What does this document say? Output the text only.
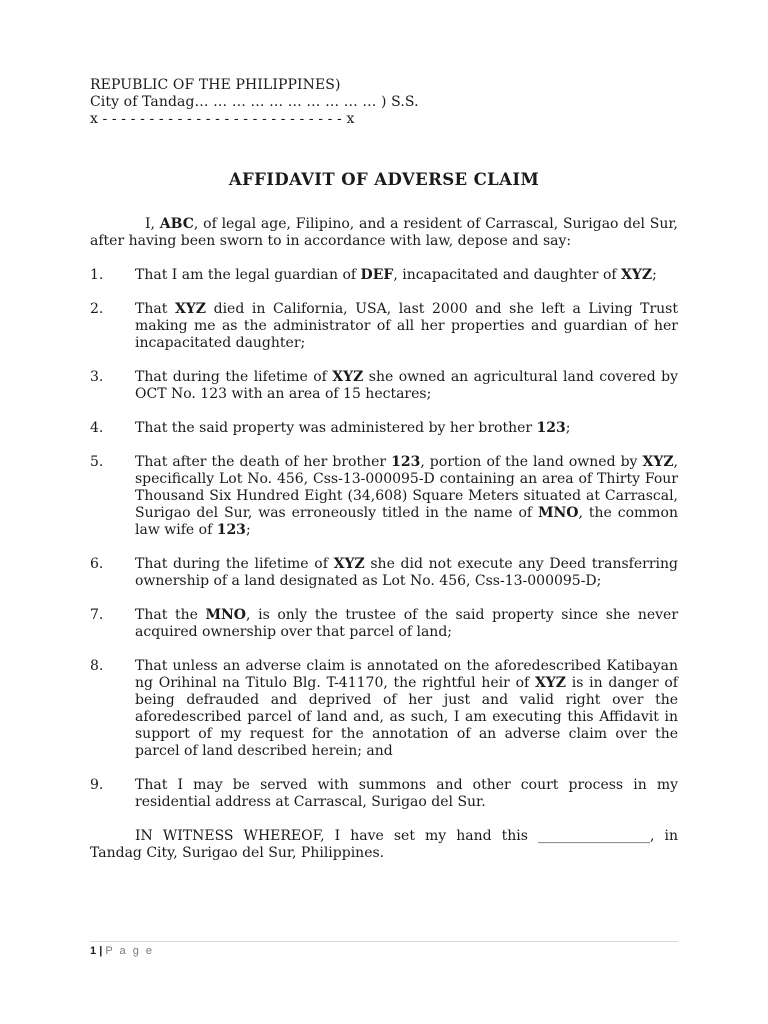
REPUBLIC OF THE PHILIPPINES)
City of Tandag… … … … … … … … … … ) S.S.
x - - - - - - - - - - - - - - - - - - - - - - - - - - x
AFFIDAVIT OF ADVERSE CLAIM

I, ABC, of legal age, Filipino, and a resident of Carrascal, Surigao del Sur, after having been sworn to in accordance with law, depose and say:

1.	That I am the legal guardian of DEF, incapacitated and daughter of XYZ;
2.	That XYZ died in California, USA, last 2000 and she left a Living Trust making me as the administrator of all her properties and guardian of her incapacitated daughter;
3.	That during the lifetime of XYZ she owned an agricultural land covered by OCT No. 123 with an area of 15 hectares;
4.	That the said property was administered by her brother 123;
5.	That after the death of her brother 123, portion of the land owned by XYZ, specifically Lot No. 456, Css-13-000095-D containing an area of Thirty Four Thousand Six Hundred Eight (34,608) Square Meters situated at Carrascal, Surigao del Sur, was erroneously titled in the name of MNO, the common law wife of 123;
6.	That during the lifetime of XYZ she did not execute any Deed transferring ownership of a land designated as Lot No. 456, Css-13-000095-D;
7.	That the MNO, is only the trustee of the said property since she never acquired ownership over that parcel of land;
8.	That unless an adverse claim is annotated on the aforedescribed Katibayan ng Orihinal na Titulo Blg. T-41170, the rightful heir of XYZ is in danger of being defrauded and deprived of her just and valid right over the aforedescribed parcel of land and, as such, I am executing this Affidavit in support of my request for the annotation of an adverse claim over the parcel of land described herein; and
9.	That I may be served with summons and other court process in my residential address at Carrascal, Surigao del Sur.

IN WITNESS WHEREOF, I have set my hand this ________________, in Tandag City, Surigao del Sur, Philippines.

1 | P a g e
